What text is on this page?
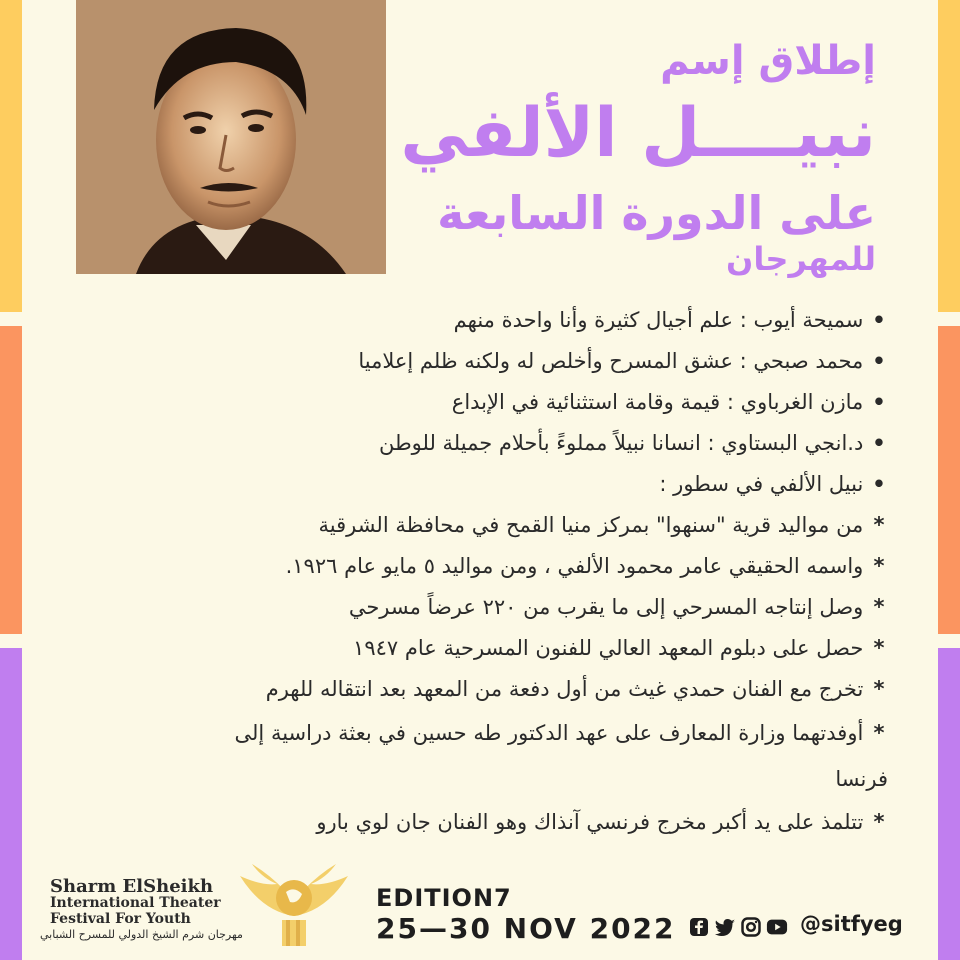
إطلاق إسم
نبيــــل الألفي
على الدورة السابعة
للمهرجان
• سميحة أيوب : علم أجيال كثيرة وأنا واحدة منهم
• محمد صبحي : عشق المسرح وأخلص له ولكنه ظلم إعلاميا
• مازن الغرباوي : قيمة وقامة استثنائية في الإبداع
• د.انجي البستاوي : انسانا نبيلاً مملوءً بأحلام جميلة للوطن
• نبيل الألفي في سطور :
* من مواليد قرية "سنهوا" بمركز منيا القمح في محافظة الشرقية
* واسمه الحقيقي عامر محمود الألفي ، ومن مواليد ٥ مايو عام ١٩٢٦.
* وصل إنتاجه المسرحي إلى ما يقرب من ٢٢٠ عرضاً مسرحي
* حصل على دبلوم المعهد العالي للفنون المسرحية عام ١٩٤٧
* تخرج مع الفنان حمدي غيث من أول دفعة من المعهد بعد انتقاله للهرم
* أوفدتهما وزارة المعارف على عهد الدكتور طه حسين في بعثة دراسية إلى فرنسا
* تتلمذ على يد أكبر مخرج فرنسي آنذاك وهو الفنان جان لوي بارو
Sharm ElSheikh
International Theater
Festival For Youth
مهرجان شرم الشيخ الدولي للمسرح الشبابي
EDITION7
25—30 NOV 2022	@sitfyeg
